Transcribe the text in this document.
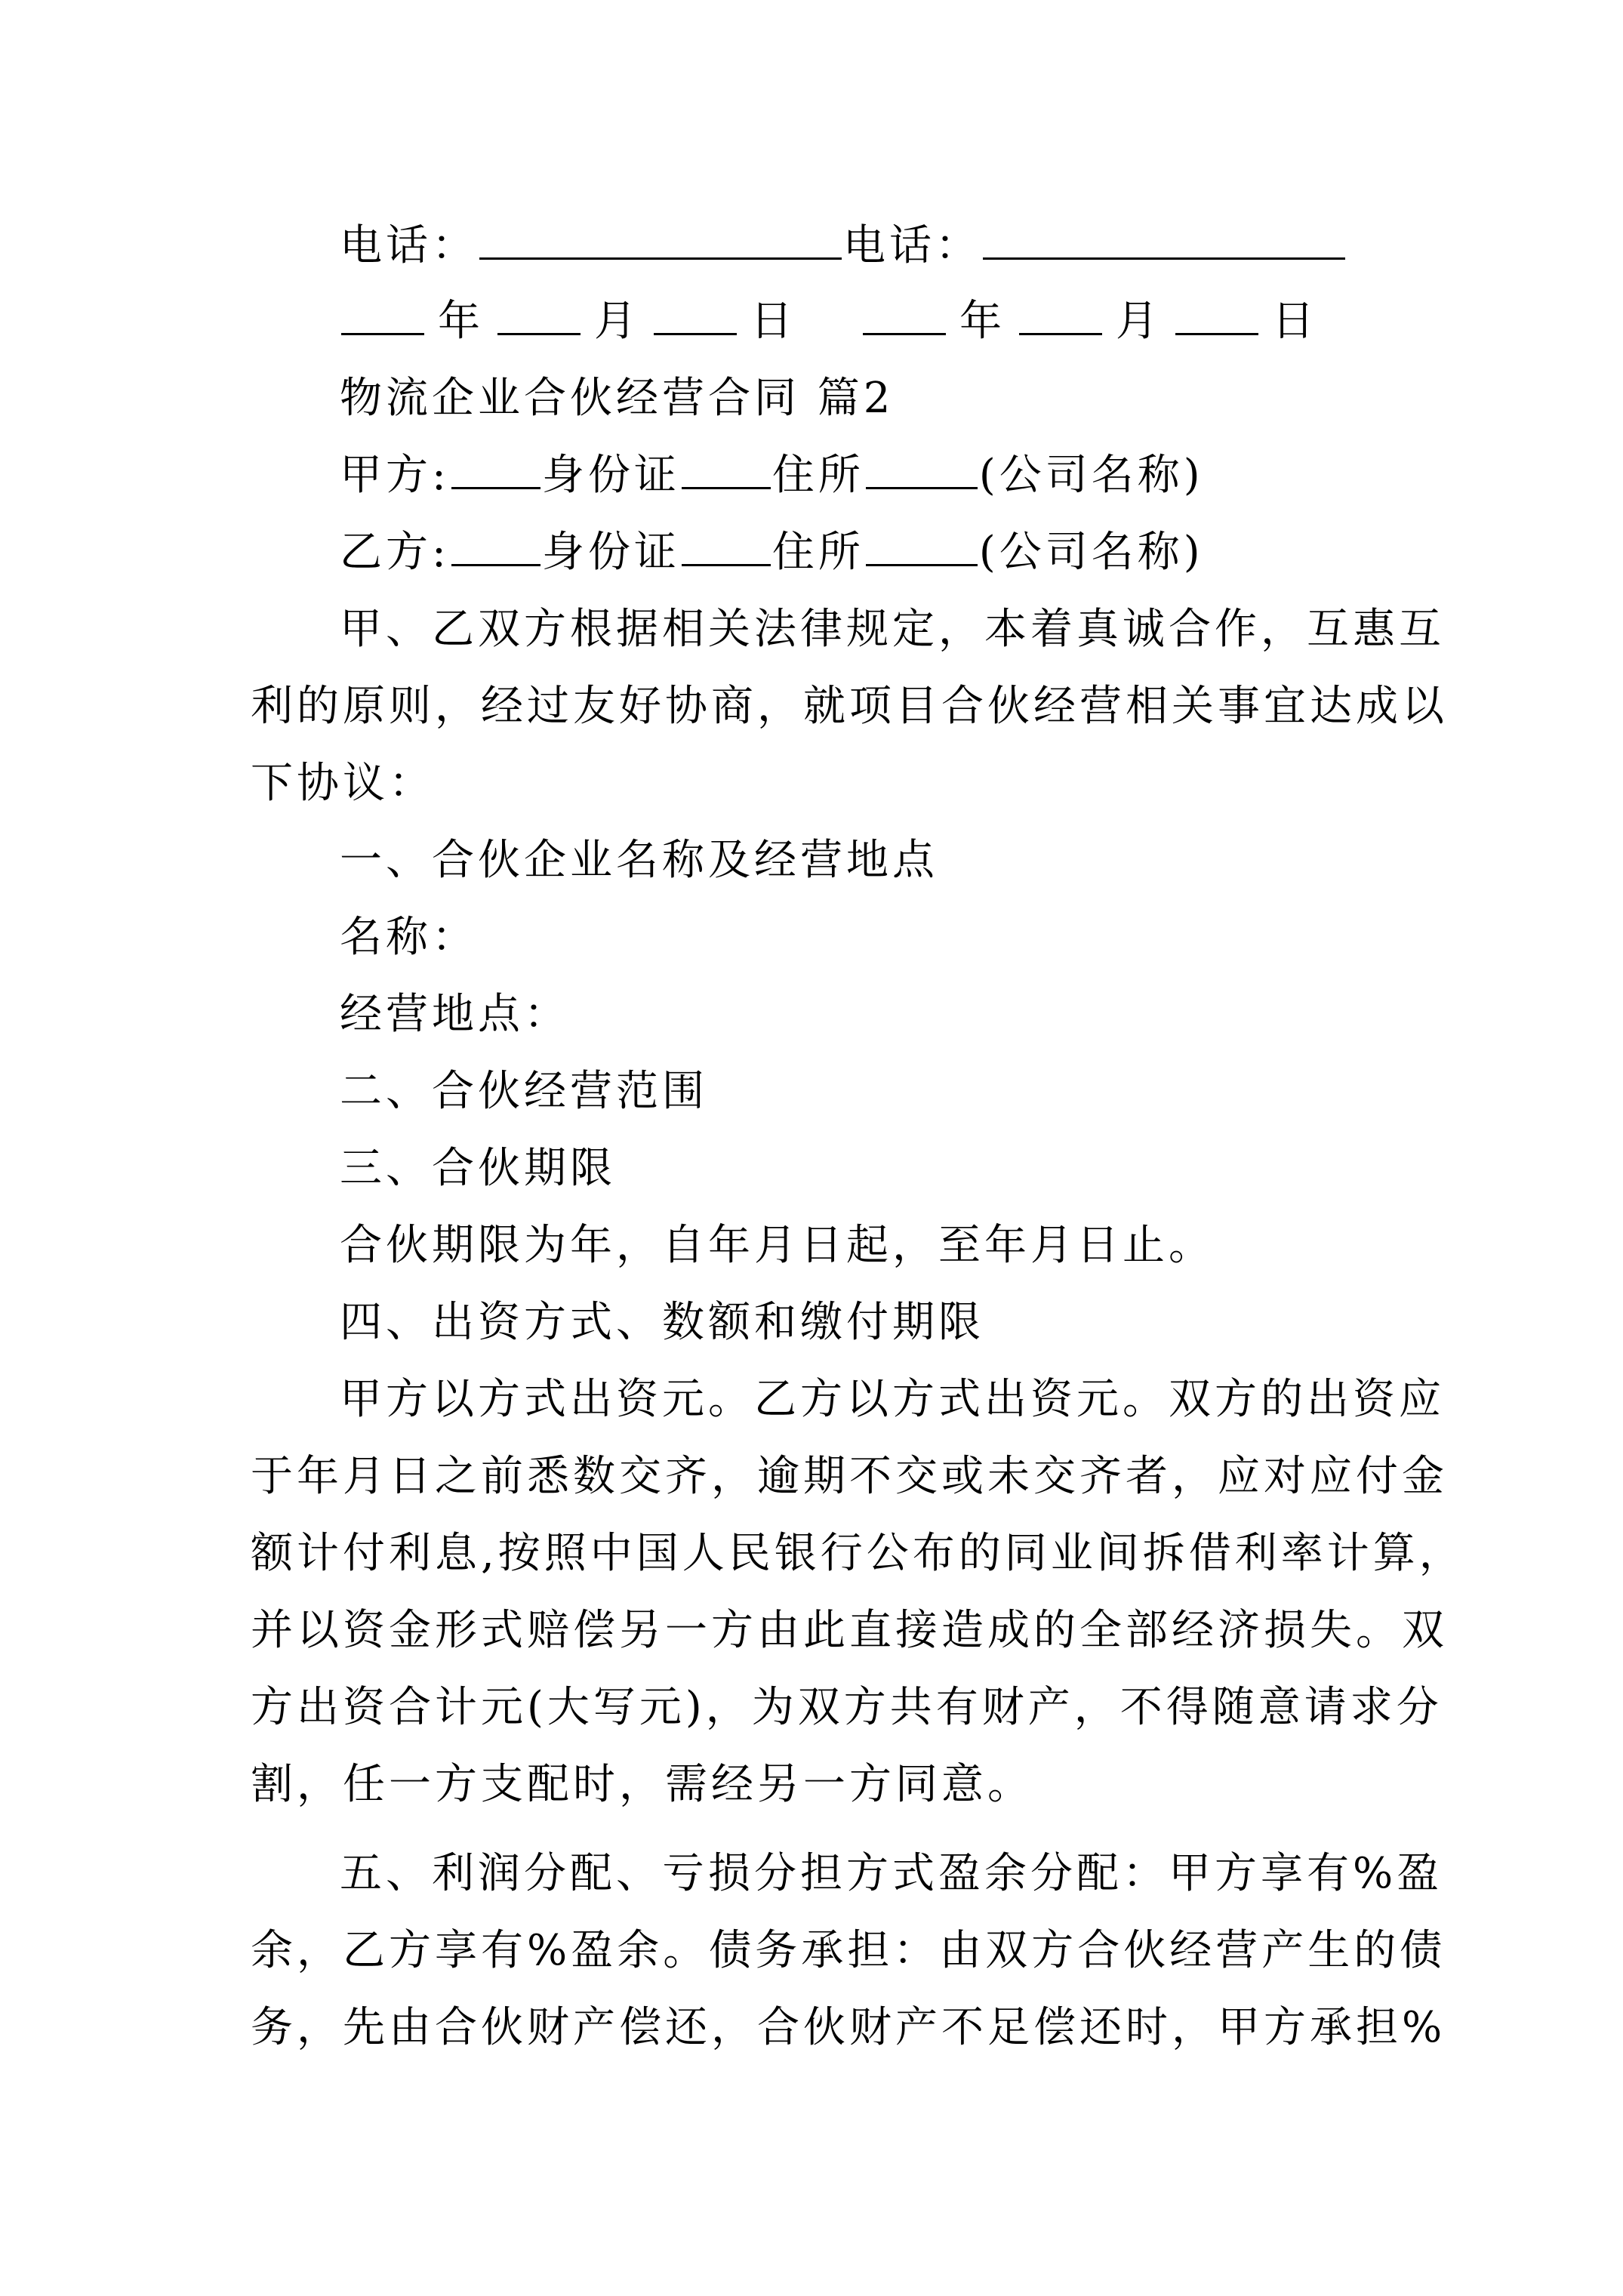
电话：	电话：
年	月	日	年	月	日
物流企业合伙经营合同 篇2
甲方: 身份证 住所	(公司名称)
乙方: 身份证 住所	(公司名称)
甲、乙双方根据相关法律规定，本着真诚合作，互惠互
利的原则，经过友好协商，就项目合伙经营相关事宜达成以
下协议：
一、合伙企业名称及经营地点
名称：
经营地点：
二、合伙经营范围
三、合伙期限
合伙期限为年，自年月日起，至年月日止。
四、出资方式、数额和缴付期限
甲方以方式出资元。乙方以方式出资元。双方的出资应
于年月日之前悉数交齐，逾期不交或未交齐者，应对应付金
额计付利息,按照中国人民银行公布的同业间拆借利率计算，
并以资金形式赔偿另一方由此直接造成的全部经济损失。双
方出资合计元(大写元)，为双方共有财产，不得随意请求分
割，任一方支配时，需经另一方同意。
五、利润分配、亏损分担方式盈余分配：甲方享有%盈
余，乙方享有%盈余。债务承担：由双方合伙经营产生的债
务，先由合伙财产偿还，合伙财产不足偿还时，甲方承担%
